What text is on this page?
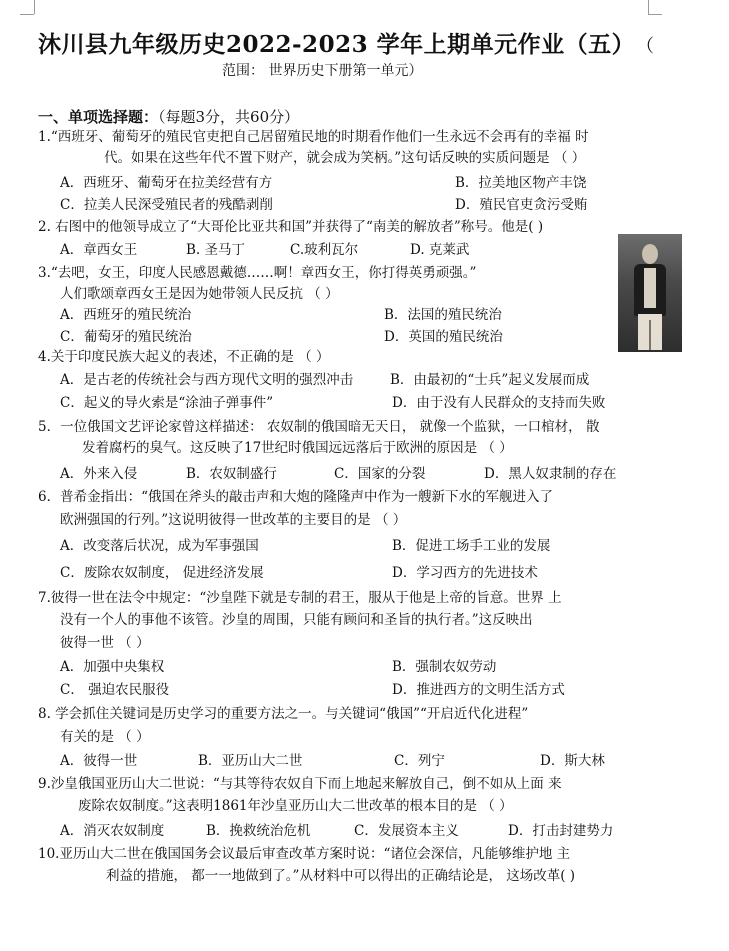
沐川县九年级历史2022-2023 学年上期单元作业（五） （
范围： 世界历史下册第一单元）
一、单项选择题：（每题3分，共60分）
1.“西班牙、葡萄牙的殖民官吏把自己居留殖民地的时期看作他们一生永远不会再有的幸福 时
代。如果在这些年代不置下财产，就会成为笑柄。”这句话反映的实质问题是 （ ）
A．西班牙、葡萄牙在拉美经营有方	B．拉美地区物产丰饶
C．拉美人民深受殖民者的残酷剥削	D．殖民官吏贪污受贿
2. 右图中的他领导成立了“大哥伦比亚共和国”并获得了“南美的解放者”称号。他是( )
A．章西女王	B. 圣马丁	C.玻利瓦尔	D. 克莱武
3.“去吧，女王，印度人民感恩戴德……啊！章西女王，你打得英勇顽强。”
人们歌颂章西女王是因为她带领人民反抗 （ ）
A．西班牙的殖民统治	B．法国的殖民统治
C．葡萄牙的殖民统治	D．英国的殖民统治
4.关于印度民族大起义的表述，不正确的是 （ ）
A．是古老的传统社会与西方现代文明的强烈冲击	B．由最初的“士兵”起义发展而成
C．起义的导火索是“涂油子弹事件”	D．由于没有人民群众的支持而失败
5．一位俄国文艺评论家曾这样描述： 农奴制的俄国暗无天日， 就像一个监狱，一口棺材， 散
发着腐朽的臭气。这反映了17世纪时俄国远远落后于欧洲的原因是 （ ）
A．外来入侵	B．农奴制盛行	C．国家的分裂	D．黑人奴隶制的存在
6．普希金指出：“俄国在斧头的敲击声和大炮的隆隆声中作为一艘新下水的军舰进入了
欧洲强国的行列。”这说明彼得一世改革的主要目的是 （ ）
A．改变落后状况，成为军事强国	B．促进工场手工业的发展
C．废除农奴制度， 促进经济发展	D．学习西方的先进技术
7.彼得一世在法令中规定：“沙皇陛下就是专制的君王，服从于他是上帝的旨意。世界 上
没有一个人的事他不该管。沙皇的周围，只能有顾问和圣旨的执行者。”这反映出
彼得一世 （ ）
A．加强中央集权	B．强制农奴劳动
C． 强迫农民服役	D．推进西方的文明生活方式
8. 学会抓住关键词是历史学习的重要方法之一。与关键词“俄国”“开启近代化进程”
有关的是 （ ）
A．彼得一世	B．亚历山大二世	C．列宁	D．斯大林
9.沙皇俄国亚历山大二世说：“与其等待农奴自下而上地起来解放自己，倒不如从上面 来
废除农奴制度。”这表明1861年沙皇亚历山大二世改革的根本目的是 （ ）
A．消灭农奴制度	B．挽救统治危机	C．发展资本主义	D．打击封建势力
10.亚历山大二世在俄国国务会议最后审查改革方案时说：“诸位会深信，凡能够维护地 主
利益的措施， 都一一地做到了。”从材料中可以得出的正确结论是， 这场改革( )
